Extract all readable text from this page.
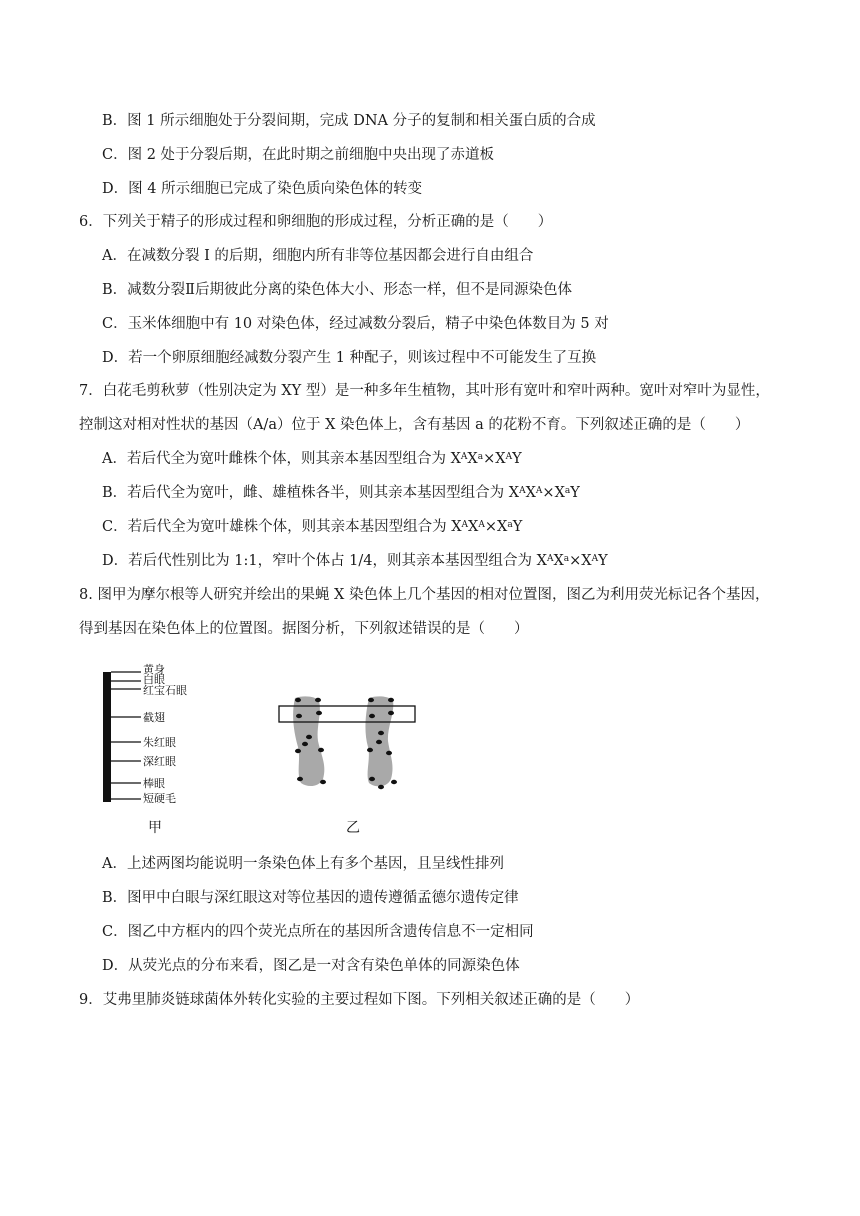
B．图 1 所示细胞处于分裂间期，完成 DNA 分子的复制和相关蛋白质的合成
C．图 2 处于分裂后期，在此时期之前细胞中央出现了赤道板
D．图 4 所示细胞已完成了染色质向染色体的转变
6．下列关于精子的形成过程和卵细胞的形成过程，分析正确的是（　　）
A．在减数分裂 I 的后期，细胞内所有非等位基因都会进行自由组合
B．减数分裂Ⅱ后期彼此分离的染色体大小、形态一样，但不是同源染色体
C．玉米体细胞中有 10 对染色体，经过减数分裂后，精子中染色体数目为 5 对
D．若一个卵原细胞经减数分裂产生 1 种配子，则该过程中不可能发生了互换
7．白花毛剪秋萝（性别决定为 XY 型）是一种多年生植物，其叶形有宽叶和窄叶两种。宽叶对窄叶为显性，
控制这对相对性状的基因（A/a）位于 X 染色体上，含有基因 a 的花粉不育。下列叙述正确的是（　　）
A．若后代全为宽叶雌株个体，则其亲本基因型组合为 $X^AX^a\times X^AY$
B．若后代全为宽叶，雌、雄植株各半，则其亲本基因型组合为 $X^AX^A\times X^aY$
C．若后代全为宽叶雄株个体，则其亲本基因型组合为 $X^AX^A\times X^aY$
D．若后代性别比为 1:1，窄叶个体占 1/4，则其亲本基因型组合为 $X^AX^a\times X^AY$
8. 图甲为摩尔根等人研究并绘出的果蝇 X 染色体上几个基因的相对位置图，图乙为利用荧光标记各个基因，
得到基因在染色体上的位置图。据图分析，下列叙述错误的是（　　）
黄身
白眼
红宝石眼
截翅
朱红眼
深红眼
棒眼
短硬毛
甲	乙
A．上述两图均能说明一条染色体上有多个基因，且呈线性排列
B．图甲中白眼与深红眼这对等位基因的遗传遵循孟德尔遗传定律
C．图乙中方框内的四个荧光点所在的基因所含遗传信息不一定相同
D．从荧光点的分布来看，图乙是一对含有染色单体的同源染色体
9．艾弗里肺炎链球菌体外转化实验的主要过程如下图。下列相关叙述正确的是（　　）
